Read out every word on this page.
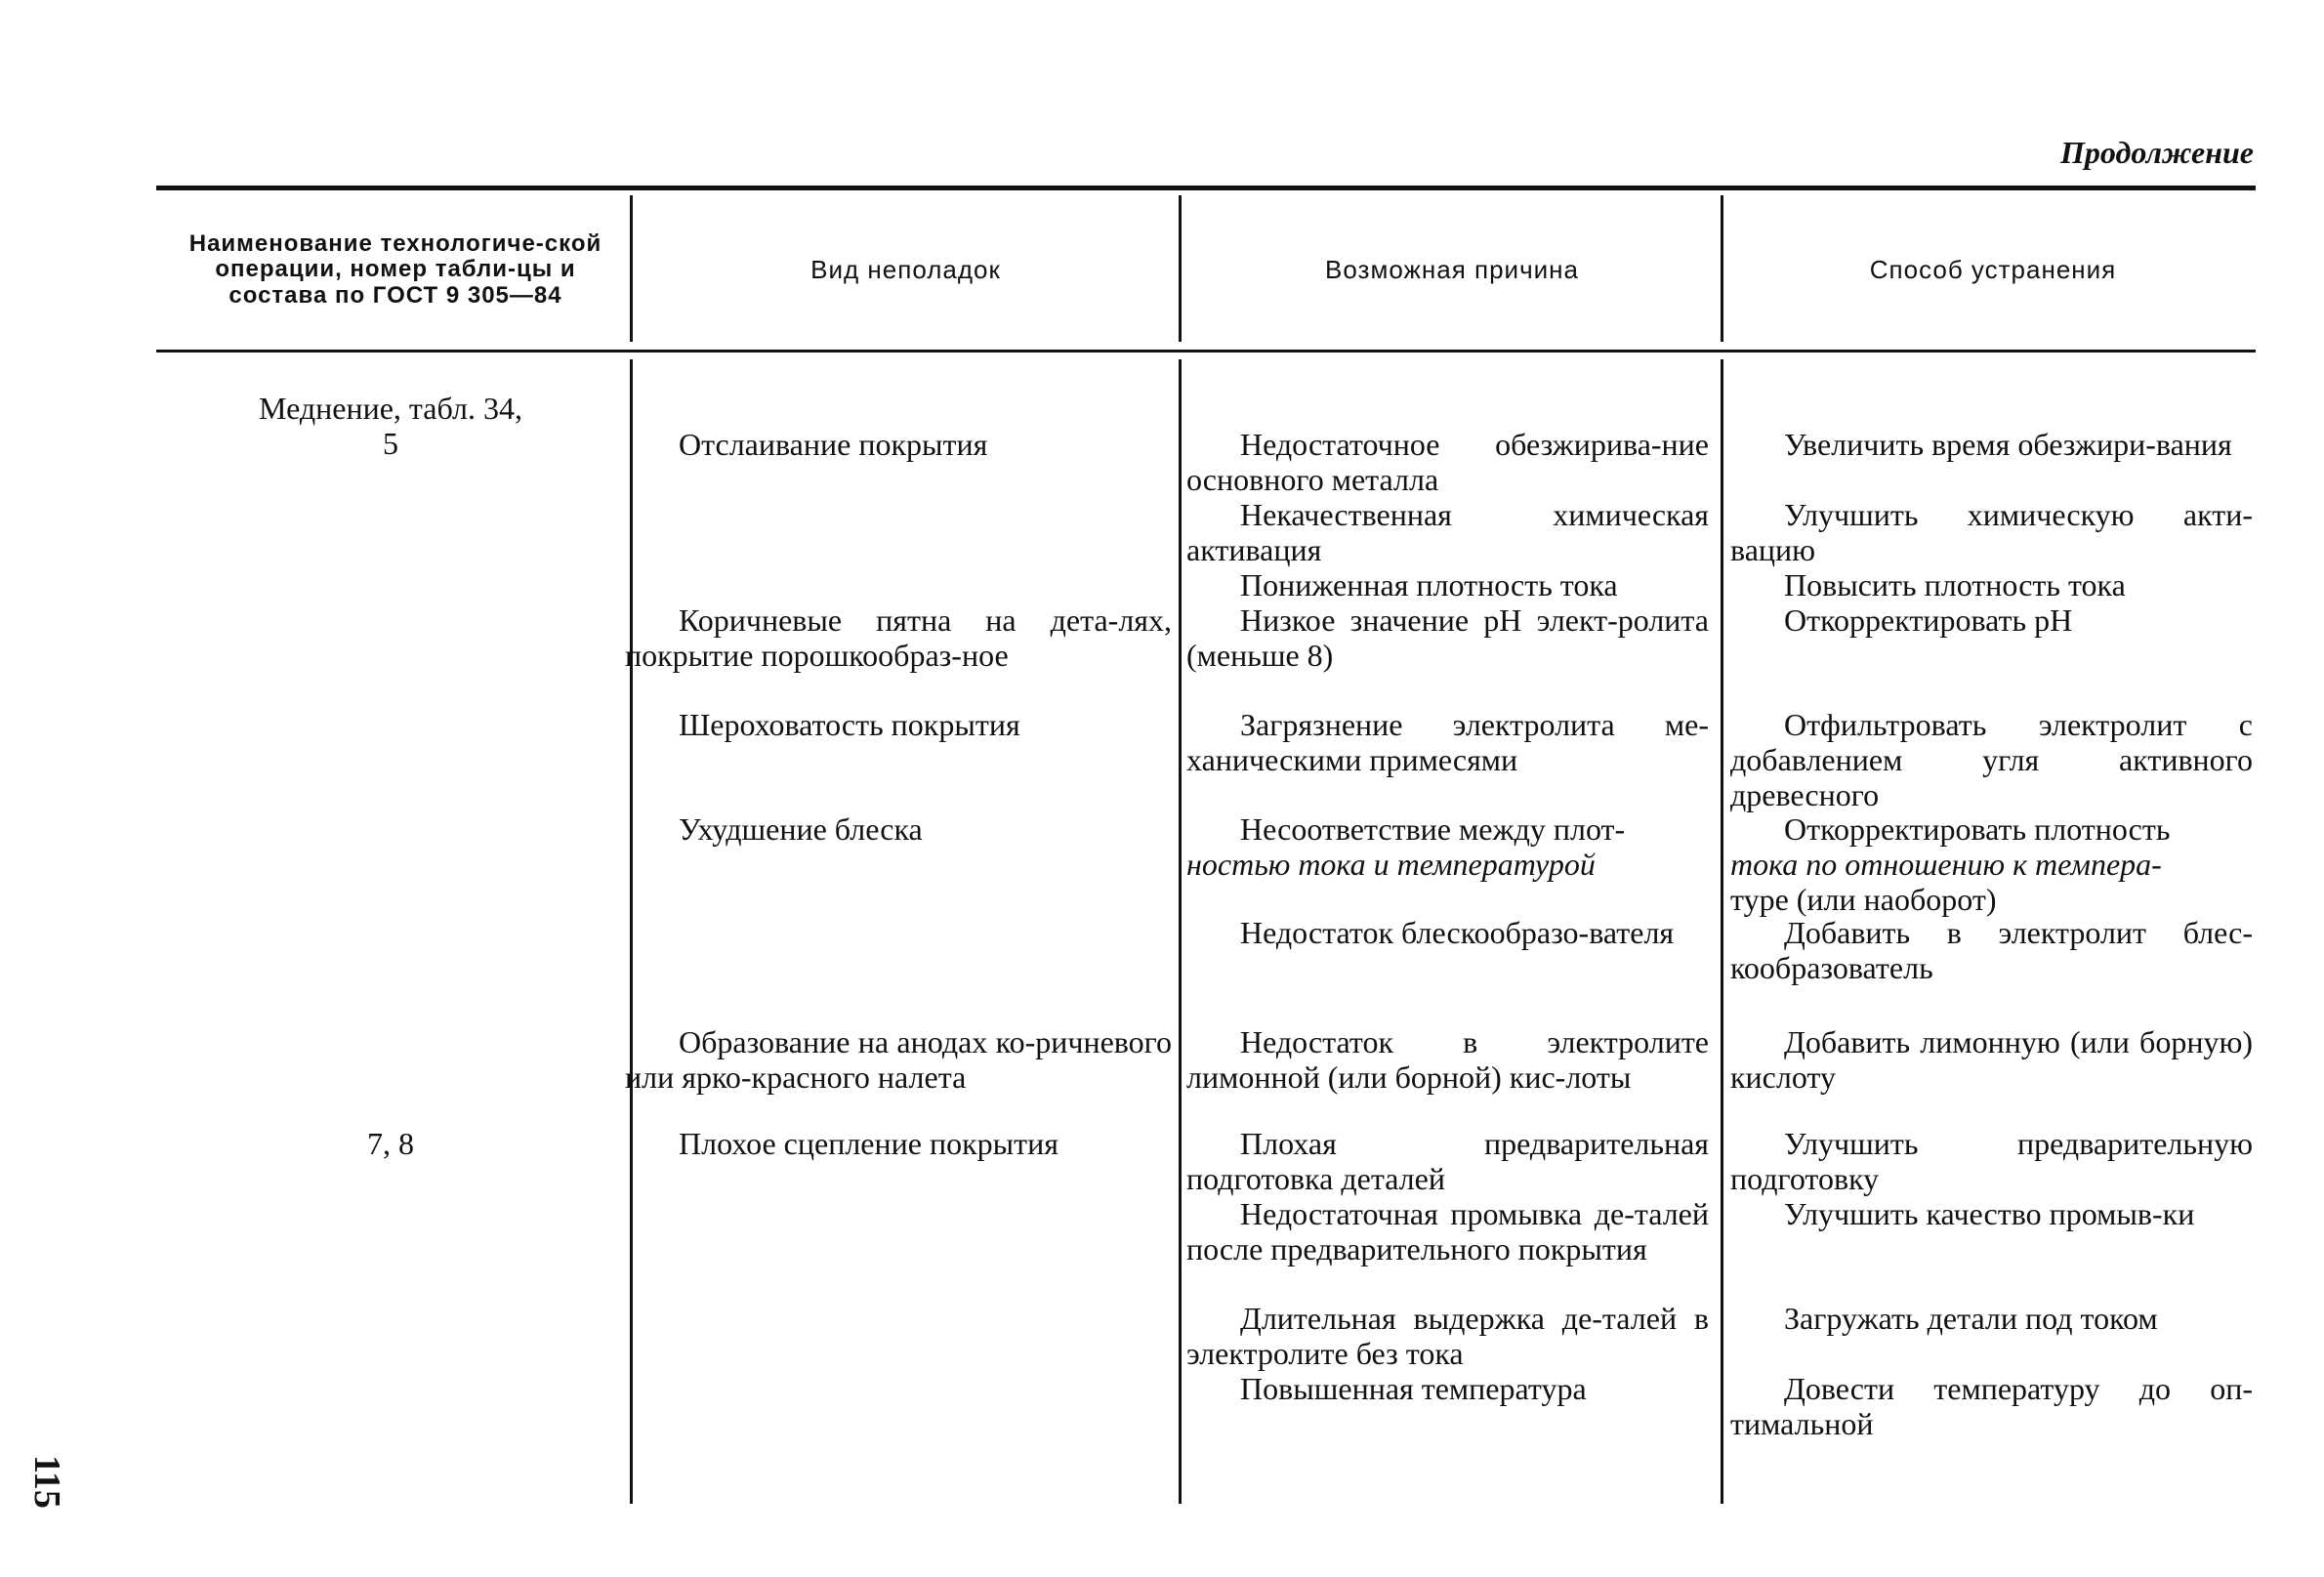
Продолжение
Наименование технологиче-ской операции, номер табли-цы и состава по ГОСТ 9 305—84
Вид неполадок	Возможная причина	Способ устранения
Меднение, табл. 34,
5
7, 8
Отслаивание покрытия
Коричневые пятна на дета-лях, покрытие порошкообраз-ное
Шероховатость покрытия
Ухудшение блеска
Образование на анодах ко-ричневого или ярко-красного налета
Плохое сцепление покрытия
Недостаточное обезжирива-ние основного металла
Некачественная химическая активация
Пониженная плотность тока
Низкое значение pH элект-ролита (меньше 8)
Загрязнение электролита ме-ханическими примесями
Несоответствие между плот-
ностью тока и температурой
Недостаток блескообразо-вателя
Недостаток в электролите лимонной (или борной) кис-лоты
Плохая предварительная подготовка деталей
Недостаточная промывка де-талей после предварительного покрытия
Длительная выдержка де-талей в электролите без тока
Повышенная температура
Увеличить время обезжири-вания
Улучшить химическую акти-вацию
Повысить плотность тока
Откорректировать pH
Отфильтровать электролит с добавлением угля активного древесного
Откорректировать плотность
тока по отношению к темпера-
туре (или наоборот)
Добавить в электролит блес-кообразователь
Добавить лимонную (или борную) кислоту
Улучшить предварительную подготовку
Улучшить качество промыв-ки
Загружать детали под током
Довести температуру до оп-тимальной
115
